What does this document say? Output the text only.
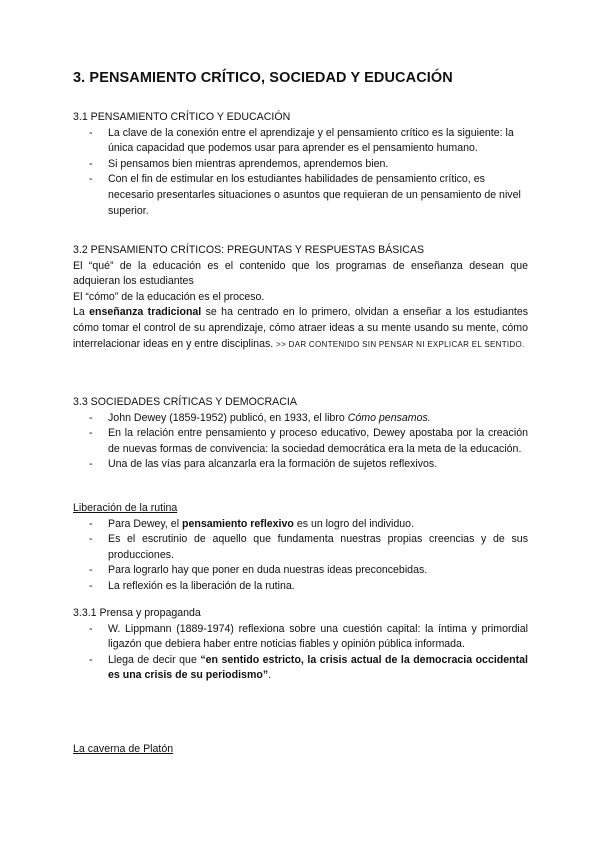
3. PENSAMIENTO CRÍTICO, SOCIEDAD Y EDUCACIÓN

3.1 PENSAMIENTO CRÍTICO Y EDUCACIÓN

- La clave de la conexión entre el aprendizaje y el pensamiento crítico es la siguiente: la única capacidad que podemos usar para aprender es el pensamiento humano.
- Si pensamos bien mientras aprendemos, aprendemos bien.
- Con el fin de estimular en los estudiantes habilidades de pensamiento crítico, es necesario presentarles situaciones o asuntos que requieran de un pensamiento de nivel superior.

3.2 PENSAMIENTO CRÍTICOS: PREGUNTAS Y RESPUESTAS BÁSICAS

El “qué” de la educación es el contenido que los programas de enseñanza desean que adquieran los estudiantes

El “cómo” de la educación es el proceso.

La enseñanza tradicional se ha centrado en lo primero, olvidan a enseñar a los estudiantes cómo tomar el control de su aprendizaje, cómo atraer ideas a su mente usando su mente, cómo interrelacionar ideas en y entre disciplinas. >> DAR CONTENIDO SIN PENSAR NI EXPLICAR EL SENTIDO.

3.3 SOCIEDADES CRÍTICAS Y DEMOCRACIA

- John Dewey (1859-1952) publicó, en 1933, el libro Cómo pensamos.
- En la relación entre pensamiento y proceso educativo, Dewey apostaba por la creación de nuevas formas de convivencia: la sociedad democrática era la meta de la educación.
- Una de las vías para alcanzarla era la formación de sujetos reflexivos.

Liberación de la rutina

- Para Dewey, el pensamiento reflexivo es un logro del individuo.
- Es el escrutinio de aquello que fundamenta nuestras propias creencias y de sus producciones.
- Para lograrlo hay que poner en duda nuestras ideas preconcebidas.
- La reflexión es la liberación de la rutina.

3.3.1 Prensa y propaganda

- W. Lippmann (1889-1974) reflexiona sobre una cuestión capital: la íntima y primordial ligazón que debiera haber entre noticias fiables y opinión pública informada.
- Llega de decir que “en sentido estricto, la crisis actual de la democracia occidental es una crisis de su periodismo”.

La caverna de Platón
